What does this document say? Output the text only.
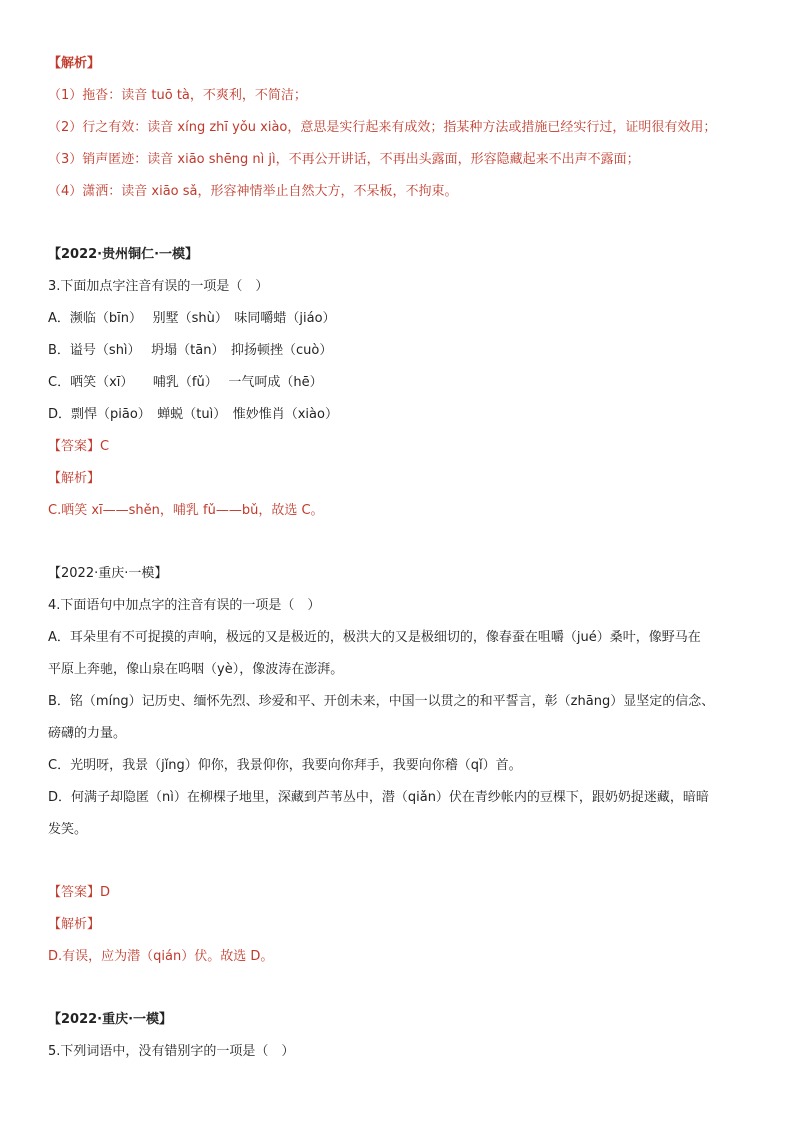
【解析】
（1）拖沓：读音 tuō tà，不爽利，不简洁；
（2）行之有效：读音 xíng zhī yǒu xiào，意思是实行起来有成效；指某种方法或措施已经实行过，证明很有效用；
（3）销声匿迹：读音 xiāo shēng nì jì，不再公开讲话，不再出头露面，形容隐藏起来不出声不露面；
（4）潇洒：读音 xiāo sǎ，形容神情举止自然大方，不呆板，不拘束。
【2022·贵州铜仁·一模】
3.下面加点字注音有误的一项是（　）
A．濒临（bīn）　 别墅（shù）　味同嚼蜡（jiáo）
B．谥号（shì）　 坍塌（tān）　抑扬顿挫（cuò）
C．哂笑（xī）　　哺乳（fǔ）　 一气呵成（hē）
D．剽悍（piāo）　蝉蜕（tuì）　惟妙惟肖（xiào）
【答案】C
【解析】
C.哂笑 xī——shěn，哺乳 fǔ——bǔ，故选 C。
【2022·重庆·一模】
4.下面语句中加点字的注音有误的一项是（　）
A．耳朵里有不可捉摸的声响，极远的又是极近的，极洪大的又是极细切的，像春蚕在咀嚼（jué）桑叶，像野马在
平原上奔驰，像山泉在呜咽（yè），像波涛在澎湃。
B．铭（míng）记历史、缅怀先烈、珍爱和平、开创未来，中国一以贯之的和平誓言，彰（zhāng）显坚定的信念、
磅礴的力量。
C．光明呀，我景（jǐng）仰你，我景仰你，我要向你拜手，我要向你稽（qǐ）首。
D．何满子却隐匿（nì）在柳棵子地里，深藏到芦苇丛中，潜（qiǎn）伏在青纱帐内的豆棵下，跟奶奶捉迷藏，暗暗
发笑。
【答案】D
【解析】
D.有误，应为潜（qián）伏。故选 D。
【2022·重庆·一模】
5.下列词语中，没有错别字的一项是（　）
